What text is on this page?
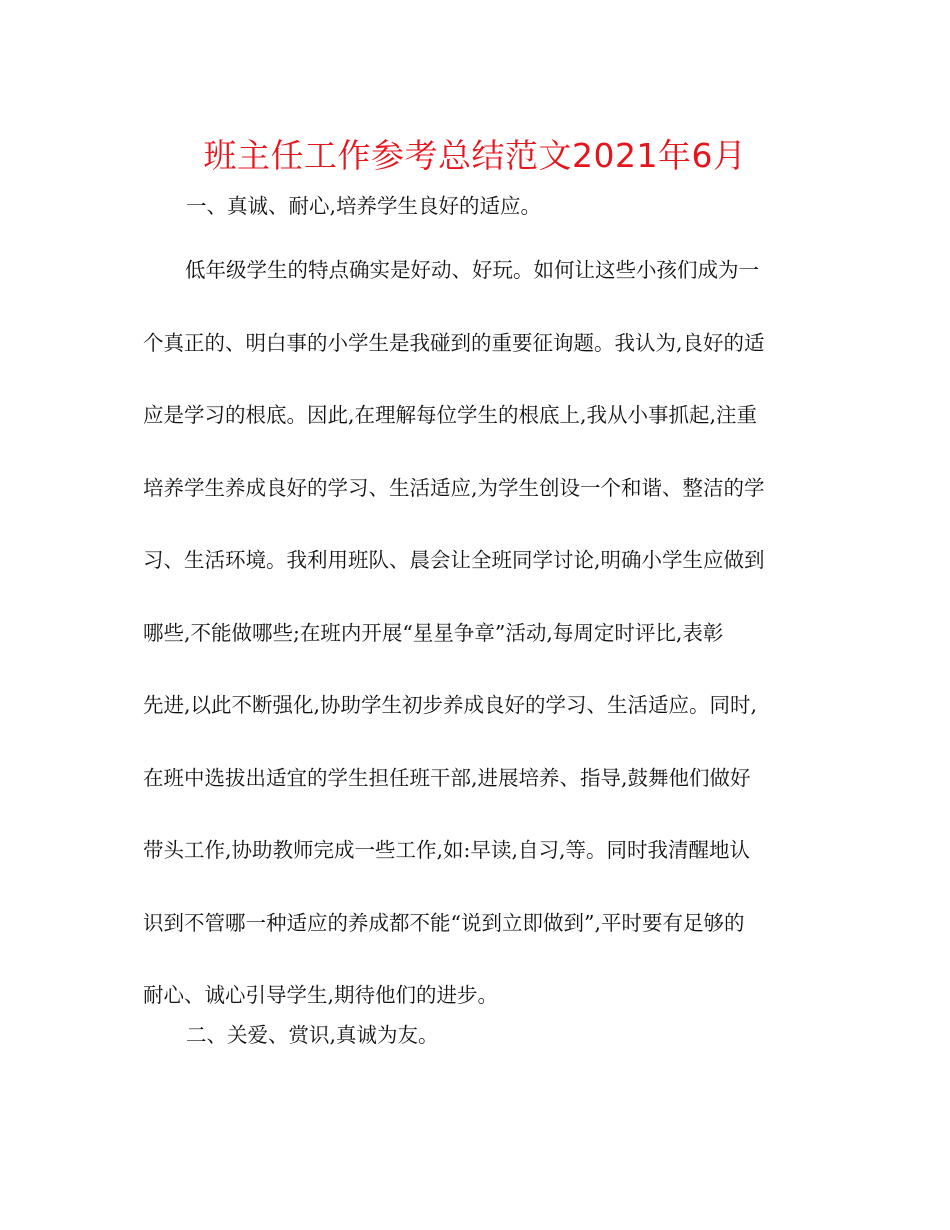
班主任工作参考总结范文2021年6月

一、真诚、耐心,培养学生良好的适应。

低年级学生的特点确实是好动、好玩。如何让这些小孩们成为一
个真正的、明白事的小学生是我碰到的重要征询题。我认为,良好的适
应是学习的根底。因此,在理解每位学生的根底上,我从小事抓起,注重
培养学生养成良好的学习、生活适应,为学生创设一个和谐、整洁的学
习、生活环境。我利用班队、晨会让全班同学讨论,明确小学生应做到
哪些,不能做哪些;在班内开展“星星争章”活动,每周定时评比,表彰
先进,以此不断强化,协助学生初步养成良好的学习、生活适应。同时,
在班中选拔出适宜的学生担任班干部,进展培养、指导,鼓舞他们做好
带头工作,协助教师完成一些工作,如:早读,自习,等。同时我清醒地认
识到不管哪一种适应的养成都不能“说到立即做到”,平时要有足够的
耐心、诚心引导学生,期待他们的进步。

二、关爱、赏识,真诚为友。
